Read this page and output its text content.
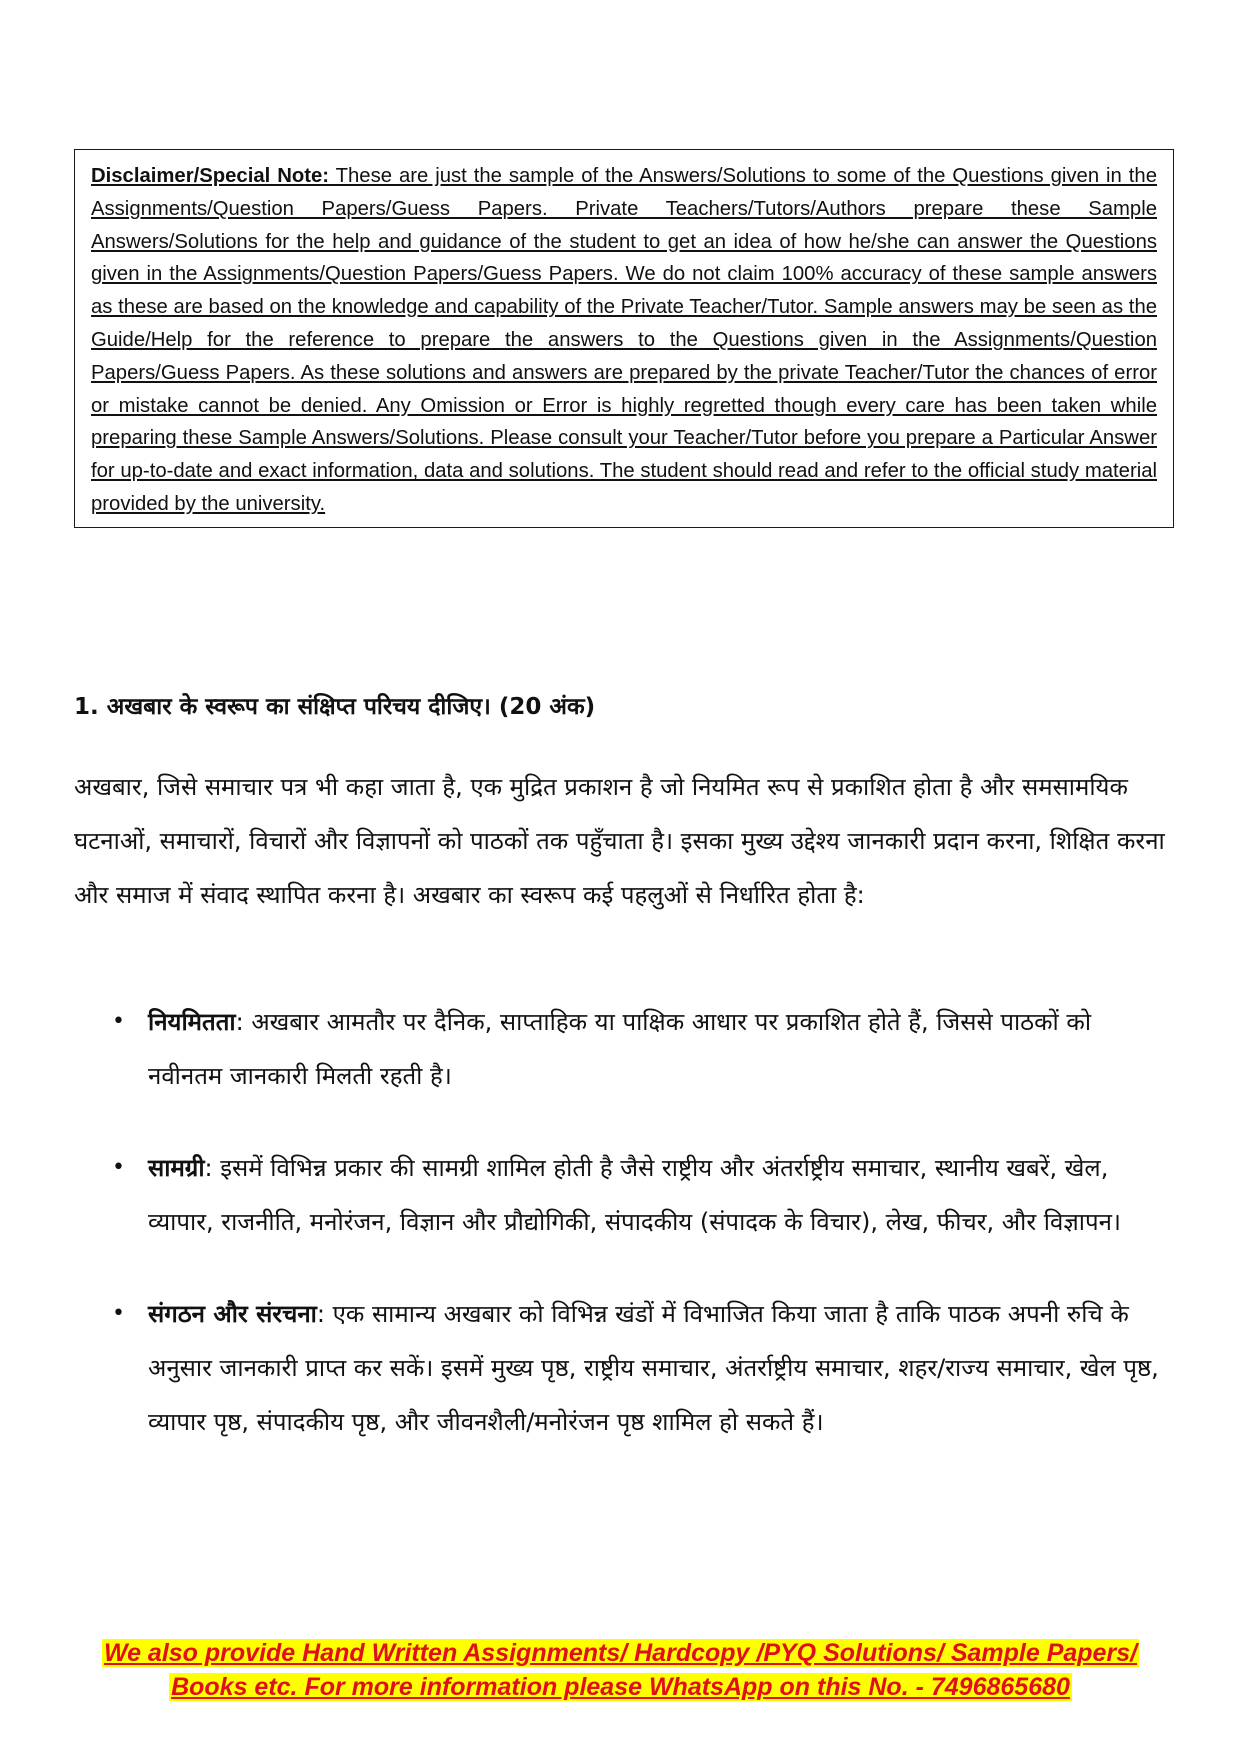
Disclaimer/Special Note: These are just the sample of the Answers/Solutions to some of the Questions given in the Assignments/Question Papers/Guess Papers. Private Teachers/Tutors/Authors prepare these Sample Answers/Solutions for the help and guidance of the student to get an idea of how he/she can answer the Questions given in the Assignments/Question Papers/Guess Papers. We do not claim 100% accuracy of these sample answers as these are based on the knowledge and capability of the Private Teacher/Tutor. Sample answers may be seen as the Guide/Help for the reference to prepare the answers to the Questions given in the Assignments/Question Papers/Guess Papers. As these solutions and answers are prepared by the private Teacher/Tutor the chances of error or mistake cannot be denied. Any Omission or Error is highly regretted though every care has been taken while preparing these Sample Answers/Solutions. Please consult your Teacher/Tutor before you prepare a Particular Answer for up-to-date and exact information, data and solutions. The student should read and refer to the official study material provided by the university.

1. अखबार के स्वरूप का संक्षिप्त परिचय दीजिए। (20 अंक)

अखबार, जिसे समाचार पत्र भी कहा जाता है, एक मुद्रित प्रकाशन है जो नियमित रूप से प्रकाशित होता है और समसामयिक घटनाओं, समाचारों, विचारों और विज्ञापनों को पाठकों तक पहुँचाता है। इसका मुख्य उद्देश्य जानकारी प्रदान करना, शिक्षित करना और समाज में संवाद स्थापित करना है। अखबार का स्वरूप कई पहलुओं से निर्धारित होता है:

• नियमितता: अखबार आमतौर पर दैनिक, साप्ताहिक या पाक्षिक आधार पर प्रकाशित होते हैं, जिससे पाठकों को नवीनतम जानकारी मिलती रहती है।
• सामग्री: इसमें विभिन्न प्रकार की सामग्री शामिल होती है जैसे राष्ट्रीय और अंतर्राष्ट्रीय समाचार, स्थानीय खबरें, खेल, व्यापार, राजनीति, मनोरंजन, विज्ञान और प्रौद्योगिकी, संपादकीय (संपादक के विचार), लेख, फीचर, और विज्ञापन।
• संगठन और संरचना: एक सामान्य अखबार को विभिन्न खंडों में विभाजित किया जाता है ताकि पाठक अपनी रुचि के अनुसार जानकारी प्राप्त कर सकें। इसमें मुख्य पृष्ठ, राष्ट्रीय समाचार, अंतर्राष्ट्रीय समाचार, शहर/राज्य समाचार, खेल पृष्ठ, व्यापार पृष्ठ, संपादकीय पृष्ठ, और जीवनशैली/मनोरंजन पृष्ठ शामिल हो सकते हैं।
We also provide Hand Written Assignments/ Hardcopy /PYQ Solutions/ Sample Papers/
Books etc. For more information please WhatsApp on this No. - 7496865680
